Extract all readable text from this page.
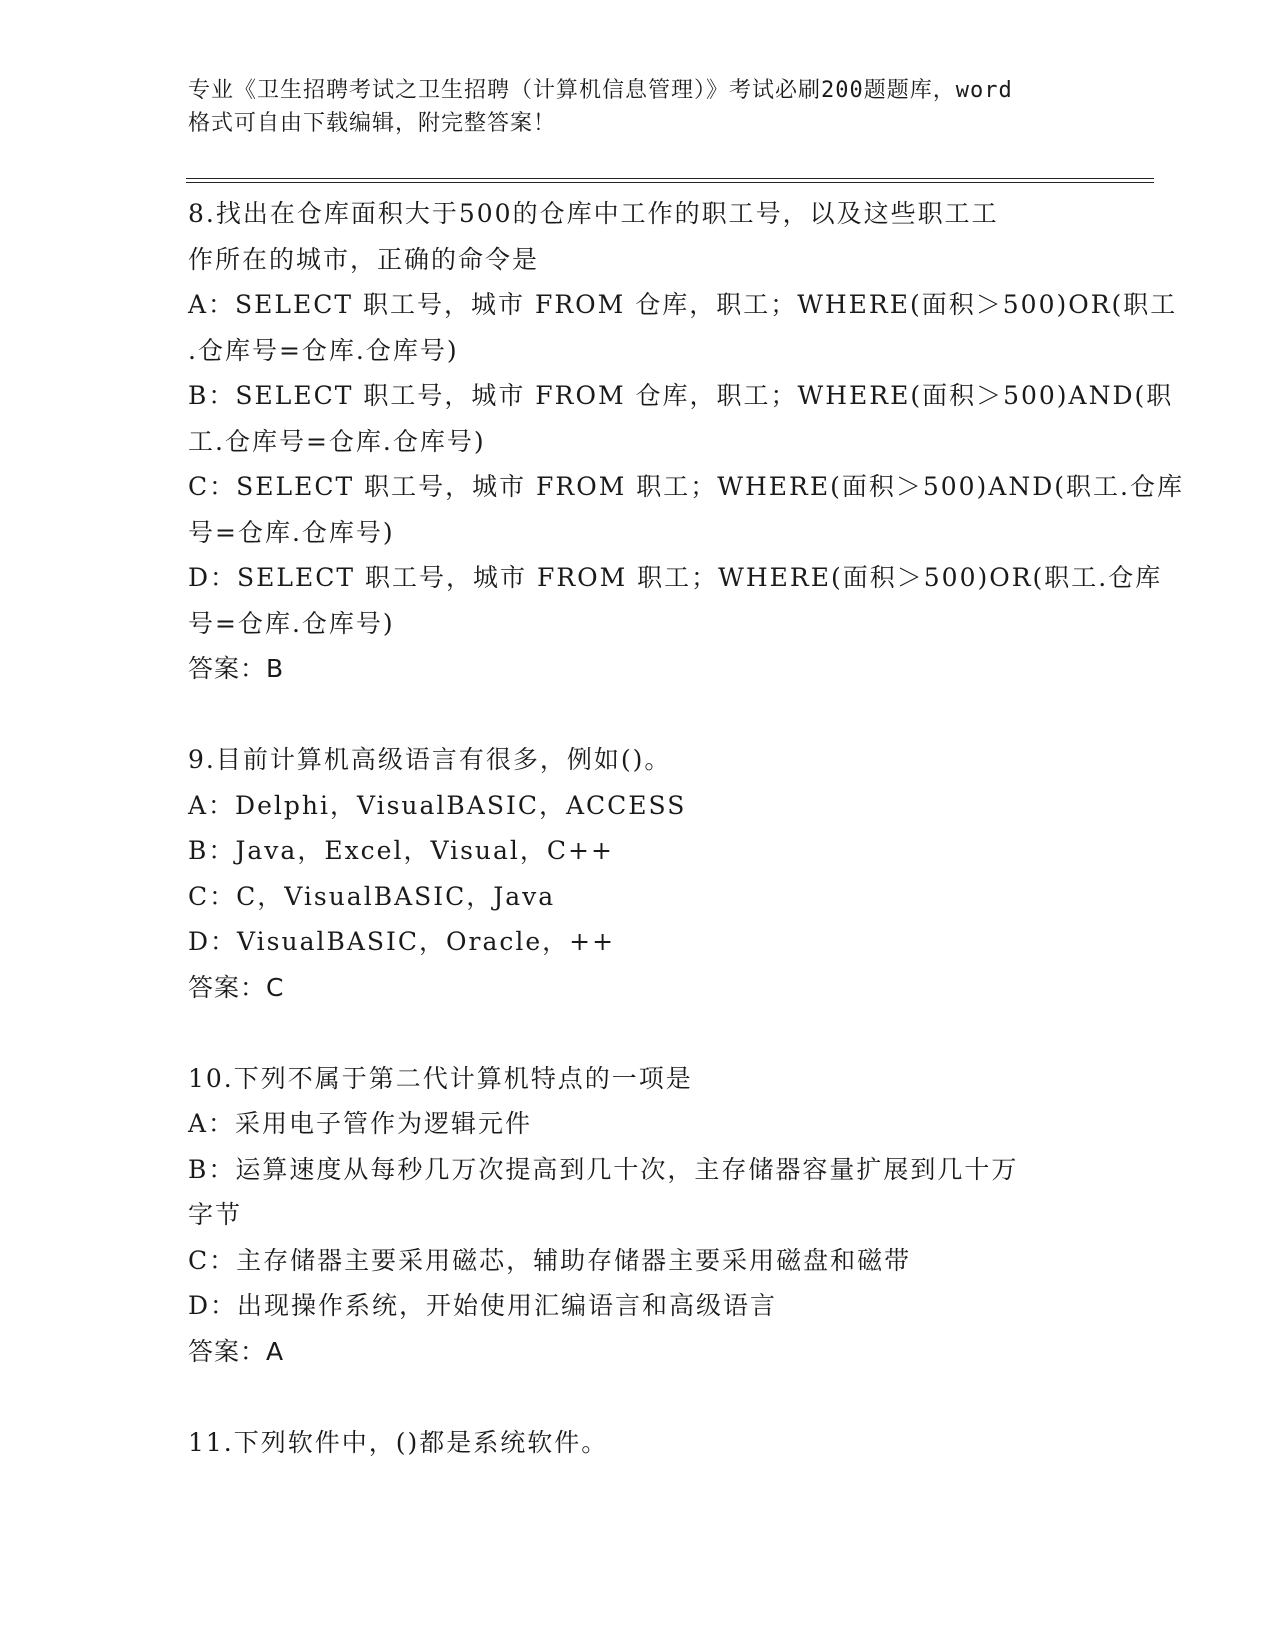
专业《卫生招聘考试之卫生招聘（计算机信息管理）》考试必刷200题题库，word
格式可自由下载编辑，附完整答案！
8.找出在仓库面积大于500的仓库中工作的职工号，以及这些职工工
作所在的城市，正确的命令是
A：SELECT 职工号，城市 FROM 仓库，职工；WHERE(面积＞500)OR(职工
.仓库号=仓库.仓库号)
B：SELECT 职工号，城市 FROM 仓库，职工；WHERE(面积＞500)AND(职
工.仓库号=仓库.仓库号)
C：SELECT 职工号，城市 FROM 职工；WHERE(面积＞500)AND(职工.仓库
号=仓库.仓库号)
D：SELECT 职工号，城市 FROM 职工；WHERE(面积＞500)OR(职工.仓库
号=仓库.仓库号)
答案：B
9.目前计算机高级语言有很多，例如()。
A：Delphi，VisualBASIC，ACCESS
B：Java，Excel，Visual，C++
C：C，VisualBASIC，Java
D：VisualBASIC，Oracle，++
答案：C
10.下列不属于第二代计算机特点的一项是
A：采用电子管作为逻辑元件
B：运算速度从每秒几万次提高到几十次，主存储器容量扩展到几十万
字节
C：主存储器主要采用磁芯，辅助存储器主要采用磁盘和磁带
D：出现操作系统，开始使用汇编语言和高级语言
答案：A
11.下列软件中，()都是系统软件。
